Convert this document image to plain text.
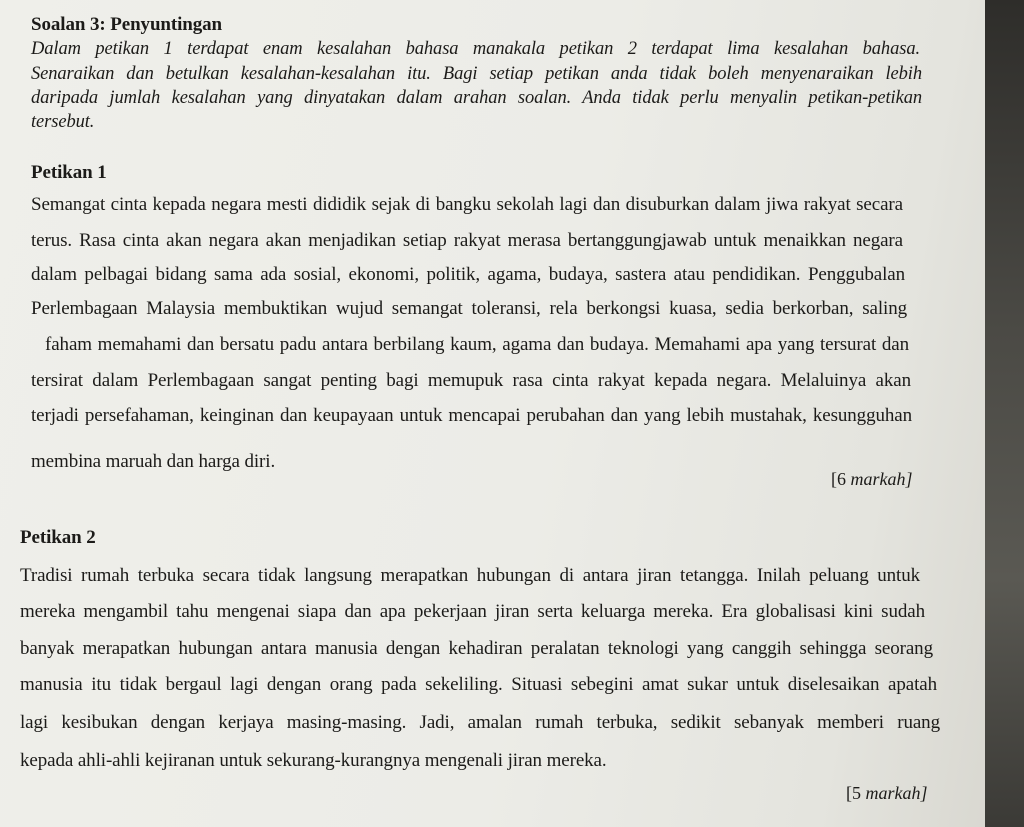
Soalan 3: Penyuntingan
Dalam petikan 1 terdapat enam kesalahan bahasa manakala petikan 2 terdapat lima kesalahan bahasa.
Senaraikan dan betulkan kesalahan-kesalahan itu. Bagi setiap petikan anda tidak boleh menyenaraikan lebih
daripada jumlah kesalahan yang dinyatakan dalam arahan soalan. Anda tidak perlu menyalin petikan-petikan
tersebut.
Petikan 1
Semangat cinta kepada negara mesti dididik sejak di bangku sekolah lagi dan disuburkan dalam jiwa rakyat secara
terus. Rasa cinta akan negara akan menjadikan setiap rakyat merasa bertanggungjawab untuk menaikkan negara
dalam pelbagai bidang sama ada sosial, ekonomi, politik, agama, budaya, sastera atau pendidikan. Penggubalan
Perlembagaan Malaysia membuktikan wujud semangat toleransi, rela berkongsi kuasa, sedia berkorban, saling
faham memahami dan bersatu padu antara berbilang kaum, agama dan budaya. Memahami apa yang tersurat dan
tersirat dalam Perlembagaan sangat penting bagi memupuk rasa cinta rakyat kepada negara. Melaluinya akan
terjadi persefahaman, keinginan dan keupayaan untuk mencapai perubahan dan yang lebih mustahak, kesungguhan
membina maruah dan harga diri.
[6 markah]
Petikan 2
Tradisi rumah terbuka secara tidak langsung merapatkan hubungan di antara jiran tetangga. Inilah peluang untuk
mereka mengambil tahu mengenai siapa dan apa pekerjaan jiran serta keluarga mereka. Era globalisasi kini sudah
banyak merapatkan hubungan antara manusia dengan kehadiran peralatan teknologi yang canggih sehingga seorang
manusia itu tidak bergaul lagi dengan orang pada sekeliling. Situasi sebegini amat sukar untuk diselesaikan apatah
lagi kesibukan dengan kerjaya masing-masing. Jadi, amalan rumah terbuka, sedikit sebanyak memberi ruang
kepada ahli-ahli kejiranan untuk sekurang-kurangnya mengenali jiran mereka.
[5 markah]
